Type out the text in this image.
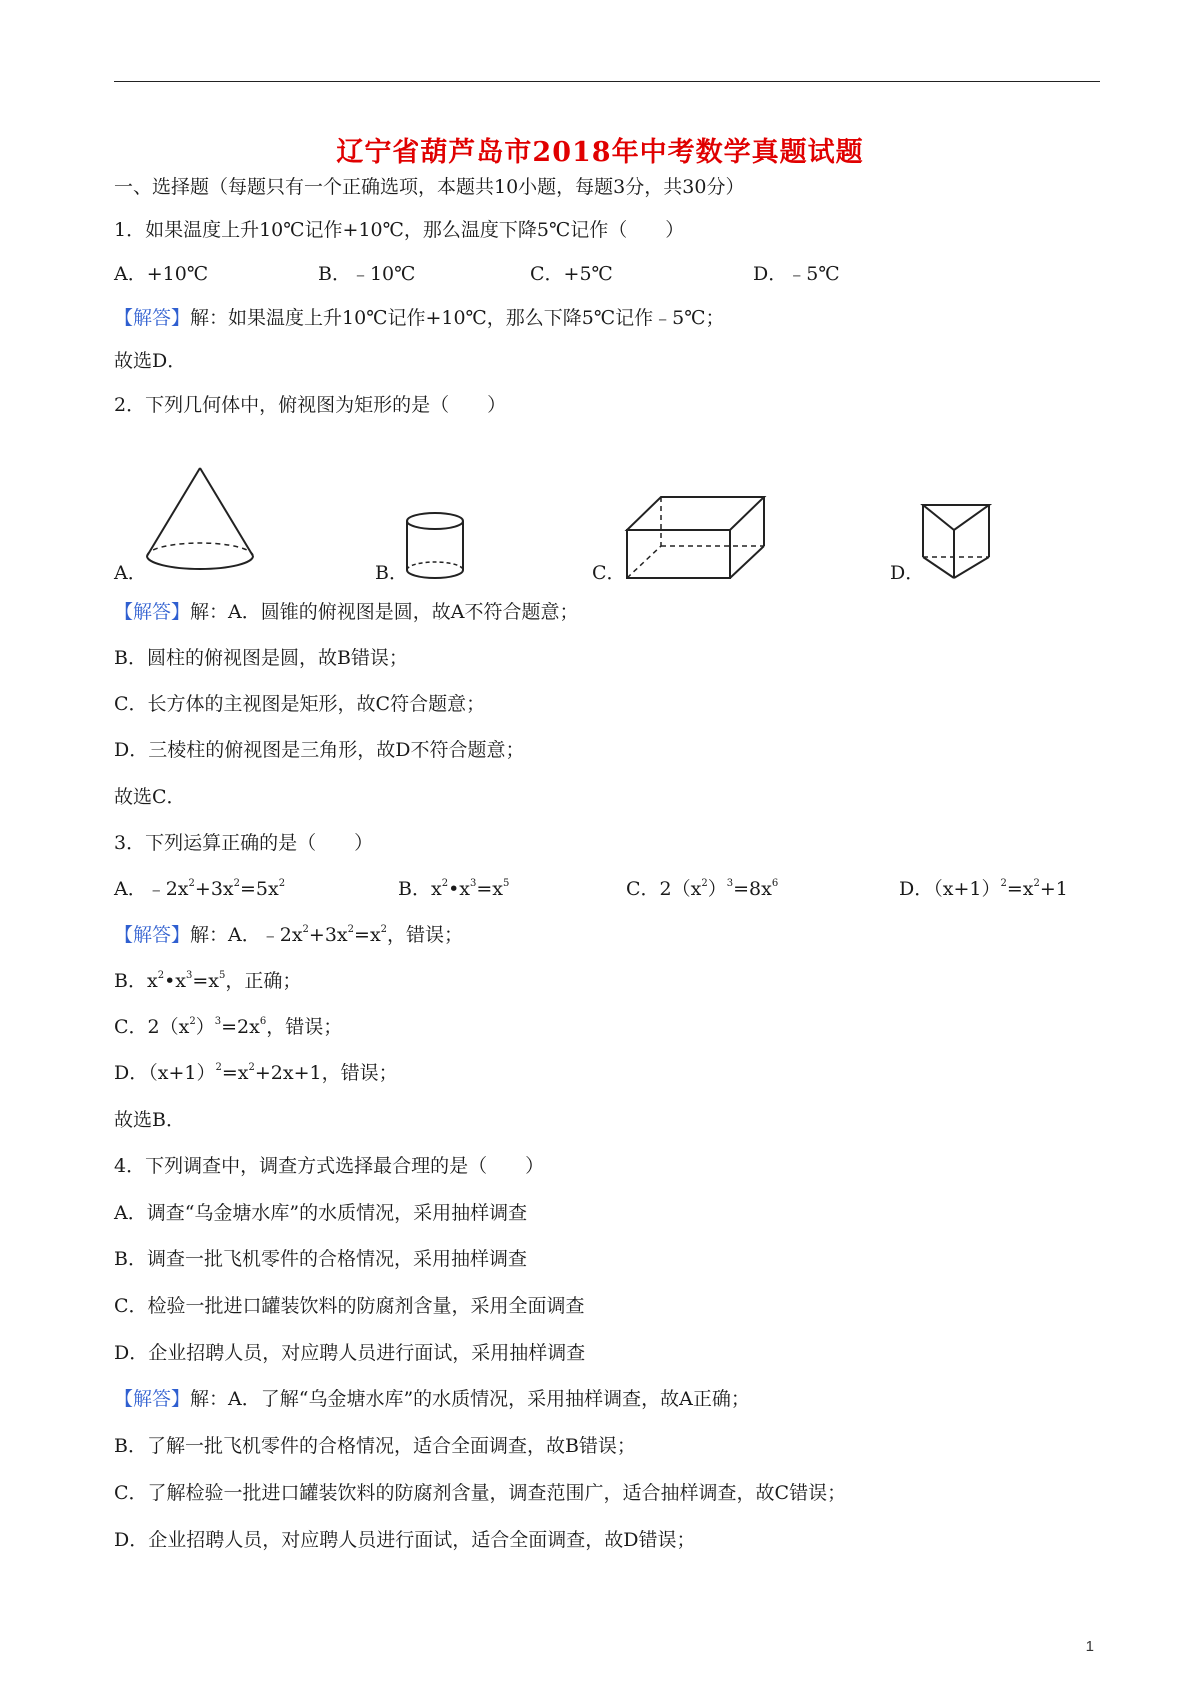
辽宁省葫芦岛市2018年中考数学真题试题
一、选择题（每题只有一个正确选项，本题共10小题，每题3分，共30分）
1．如果温度上升10℃记作+10℃，那么温度下降5℃记作（　　）
A．+10℃	B．﹣10℃	C．+5℃	D．﹣5℃
【解答】解：如果温度上升10℃记作+10℃，那么下降5℃记作﹣5℃；
故选D．
2．下列几何体中，俯视图为矩形的是（　　）
A．	B．	C．	D．
【解答】解：A．圆锥的俯视图是圆，故A不符合题意；
B．圆柱的俯视图是圆，故B错误；
C．长方体的主视图是矩形，故C符合题意；
D．三棱柱的俯视图是三角形，故D不符合题意；
故选C．
3．下列运算正确的是（　　）
A．$﹣2x^2+3x^2=5x^2$	B．$x^2•x^3=x^5$	C．$2(x^2)^3=8x^6$	D．$(x+1)^2=x^2+1$
【解答】解：A．$﹣2x^2+3x^2=x^2$，错误；
B．$x^2•x^3=x^5$，正确；
C．$2(x^2)^3=2x^6$，错误；
D．$(x+1)^2=x^2+2x+1$，错误；
故选B．
4．下列调查中，调查方式选择最合理的是（　　）
A．调查“乌金塘水库”的水质情况，采用抽样调查
B．调查一批飞机零件的合格情况，采用抽样调查
C．检验一批进口罐装饮料的防腐剂含量，采用全面调查
D．企业招聘人员，对应聘人员进行面试，采用抽样调查
【解答】解：A．了解“乌金塘水库”的水质情况，采用抽样调查，故A正确；
B．了解一批飞机零件的合格情况，适合全面调查，故B错误；
C．了解检验一批进口罐装饮料的防腐剂含量，调查范围广，适合抽样调查，故C错误；
D．企业招聘人员，对应聘人员进行面试，适合全面调查，故D错误；
1
